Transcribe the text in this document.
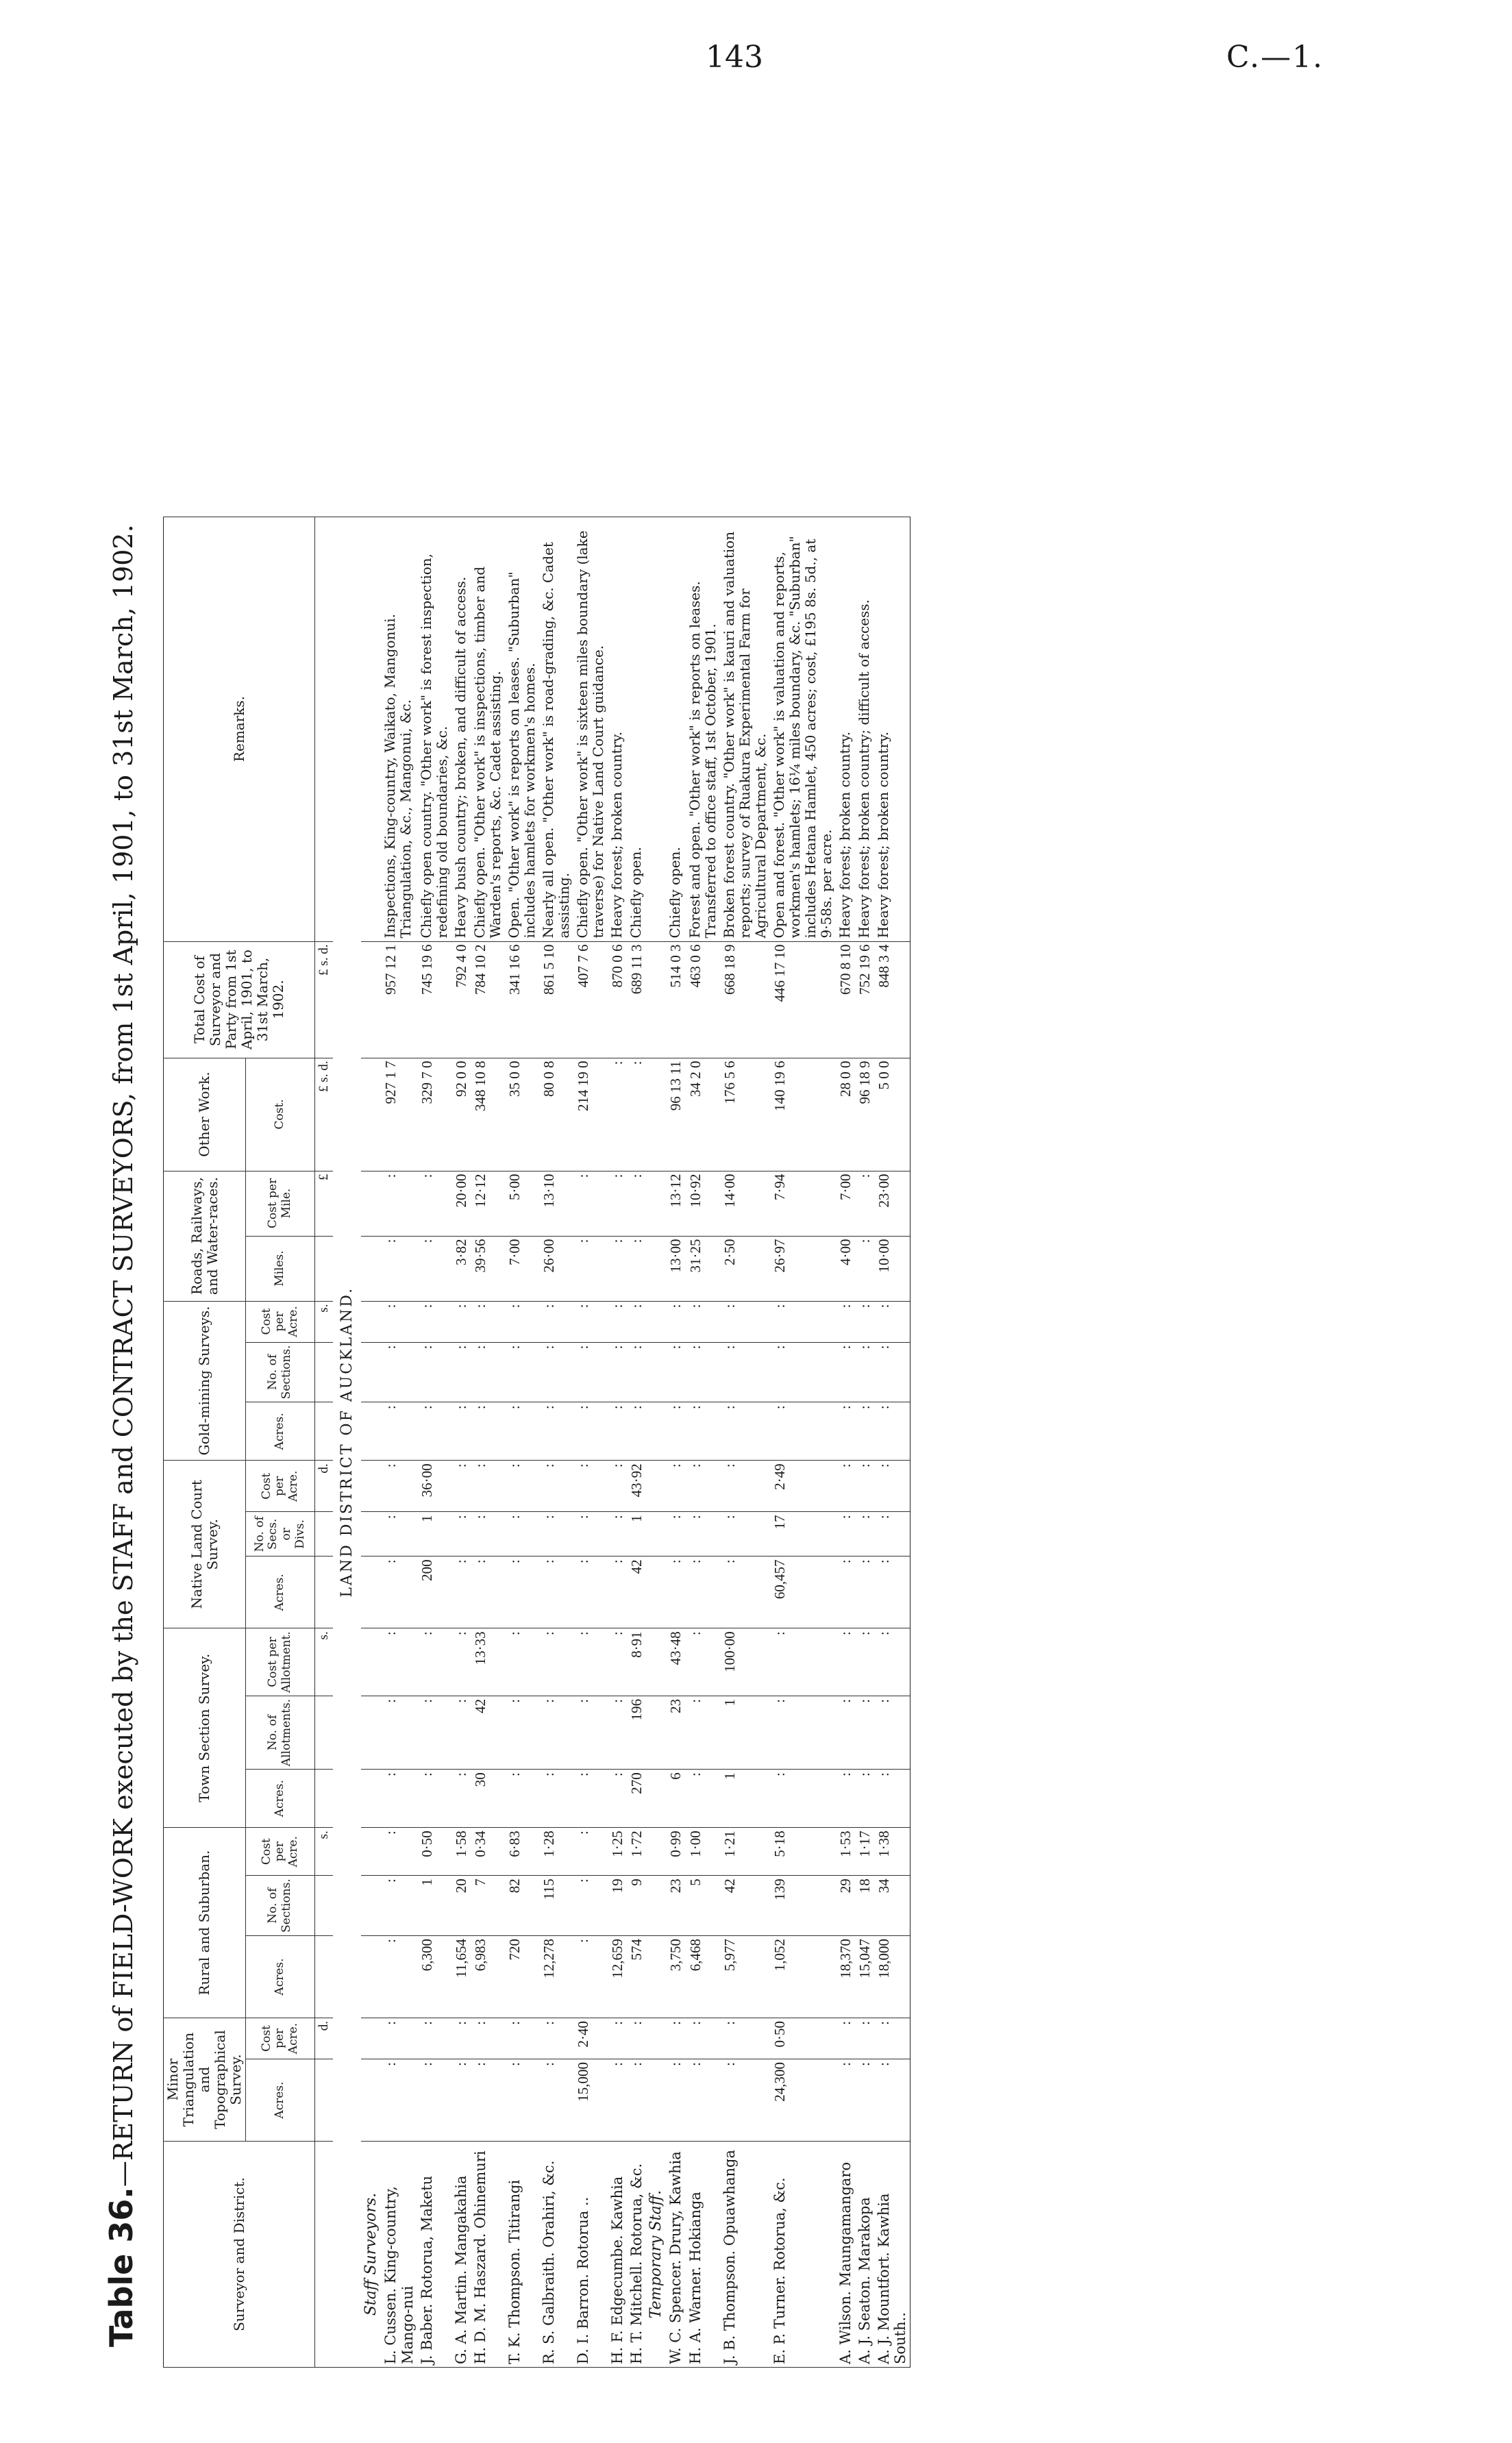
143	C.—1.
Table 36.—RETURN of FIELD-WORK executed by the STAFF and CONTRACT SURVEYORS, from 1st April, 1901, to 31st March, 1902.
Surveyor and District.	Minor Triangulation and Topographical Survey.		Rural and Suburban.			Town Section Survey.			Native Land Court Survey.			Gold-mining Surveys.			Roads, Railways, and Water-races.		Other Work.	Total Cost of Surveyor and Party from 1st April, 1901, to 31st March, 1902.	Remarks.
	Acres.	Cost per Acre.	Acres.	No. of Sections.	Cost per Acre.	Acres.	No. of Allotments.	Cost per Allotment.	Acres.	No. of Secs. or Divs.	Cost per Acre.	Acres.	No. of Sections.	Cost per Acre.	Miles.	Cost per Mile.	Cost.		
		d.			s.			s.			d.			s.		£	£ s. d.	£ s. d.	
LAND DISTRICT OF AUCKLAND.																			
Staff Surveyors.																			
L. Cussen. King-country, Mango-nui	:	:	:	:	:	:	:	:	:	:	:	:	:	:	:	:	927 1 7	957 12 1	Inspections, King-country, Waikato, Mangonui. Triangulation, &c., Mangonui, &c.
J. Baber. Rotorua, Maketu	:	:	6,300	1	0·50	:	:	:	200	1	36·00	:	:	:	:	:	329 7 0	745 19 6	Chiefly open country. "Other work" is forest inspection, redefining old boundaries, &c.
G. A. Martin. Mangakahia	:	:	11,654	20	1·58	:	:	:	:	:	:	:	:	:	3·82	20·00	92 0 0	792 4 0	Heavy bush country; broken, and difficult of access.
H. D. M. Haszard. Ohinemuri	:	:	6,983	7	0·34	30	42	13·33	:	:	:	:	:	:	39·56	12·12	348 10 8	784 10 2	Chiefly open. "Other work" is inspections, timber and Warden's reports, &c. Cadet assisting.
T. K. Thompson. Titirangi	:	:	720	82	6·83	:	:	:	:	:	:	:	:	:	7·00	5·00	35 0 0	341 16 6	Open. "Other work" is reports on leases. "Suburban" includes hamlets for workmen's homes.
R. S. Galbraith. Orahiri, &c.	:	:	12,278	115	1·28	:	:	:	:	:	:	:	:	:	26·00	13·10	80 0 8	861 5 10	Nearly all open. "Other work" is road-grading, &c. Cadet assisting.
D. I. Barron. Rotorua ..	15,000	2·40	:	:	:	:	:	:	:	:	:	:	:	:	:	:	214 19 0	407 7 6	Chiefly open. "Other work" is sixteen miles boundary (lake traverse) for Native Land Court guidance.
H. F. Edgecumbe. Kawhia	:	:	12,659	19	1·25	:	:	:	:	:	:	:	:	:	:	:	:	870 0 6	Heavy forest; broken country.
H. T. Mitchell. Rotorua, &c.	:	:	574	9	1·72	270	196	8·91	42	1	43·92	:	:	:	:	:	:	689 11 3	Chiefly open.
Temporary Staff.																			
W. C. Spencer. Drury, Kawhia	:	:	3,750	23	0·99	6	23	43·48	:	:	:	:	:	:	13·00	13·12	96 13 11	514 0 3	Chiefly open.
H. A. Warner. Hokianga	:	:	6,468	5	1·00	:	:	:	:	:	:	:	:	:	31·25	10·92	34 2 0	463 0 6	Forest and open. "Other work" is reports on leases. Transferred to office staff, 1st October, 1901.
J. B. Thompson. Opuawhanga	:	:	5,977	42	1·21	1	1	100·00	:	:	:	:	:	:	2·50	14·00	176 5 6	668 18 9	Broken forest country. "Other work" is kauri and valuation reports; survey of Ruakura Experimental Farm for Agricultural Department, &c.
E. P. Turner. Rotorua, &c.	24,300	0·50	1,052	139	5·18	:	:	:	60,457	17	2·49	:	:	:	26·97	7·94	140 19 6	446 17 10	Open and forest. "Other work" is valuation and reports, workmen's hamlets; 16¼ miles boundary, &c. "Suburban" includes Hetana Hamlet, 450 acres; cost, £195 8s. 5d., at 9·58s. per acre.
A. Wilson. Maungamangaro	:	:	18,370	29	1·53	:	:	:	:	:	:	:	:	:	4·00	7·00	28 0 0	670 8 10	Heavy forest; broken country.
A. J. Seaton. Marakopa	:	:	15,047	18	1·17	:	:	:	:	:	:	:	:	:	:	:	96 18 9	752 19 6	Heavy forest; broken country; difficult of access.
A. J. Mountfort. Kawhia South..	:	:	18,000	34	1·38	:	:	:	:	:	:	:	:	:	10·00	23·00	5 0 0	848 3 4	Heavy forest; broken country.
